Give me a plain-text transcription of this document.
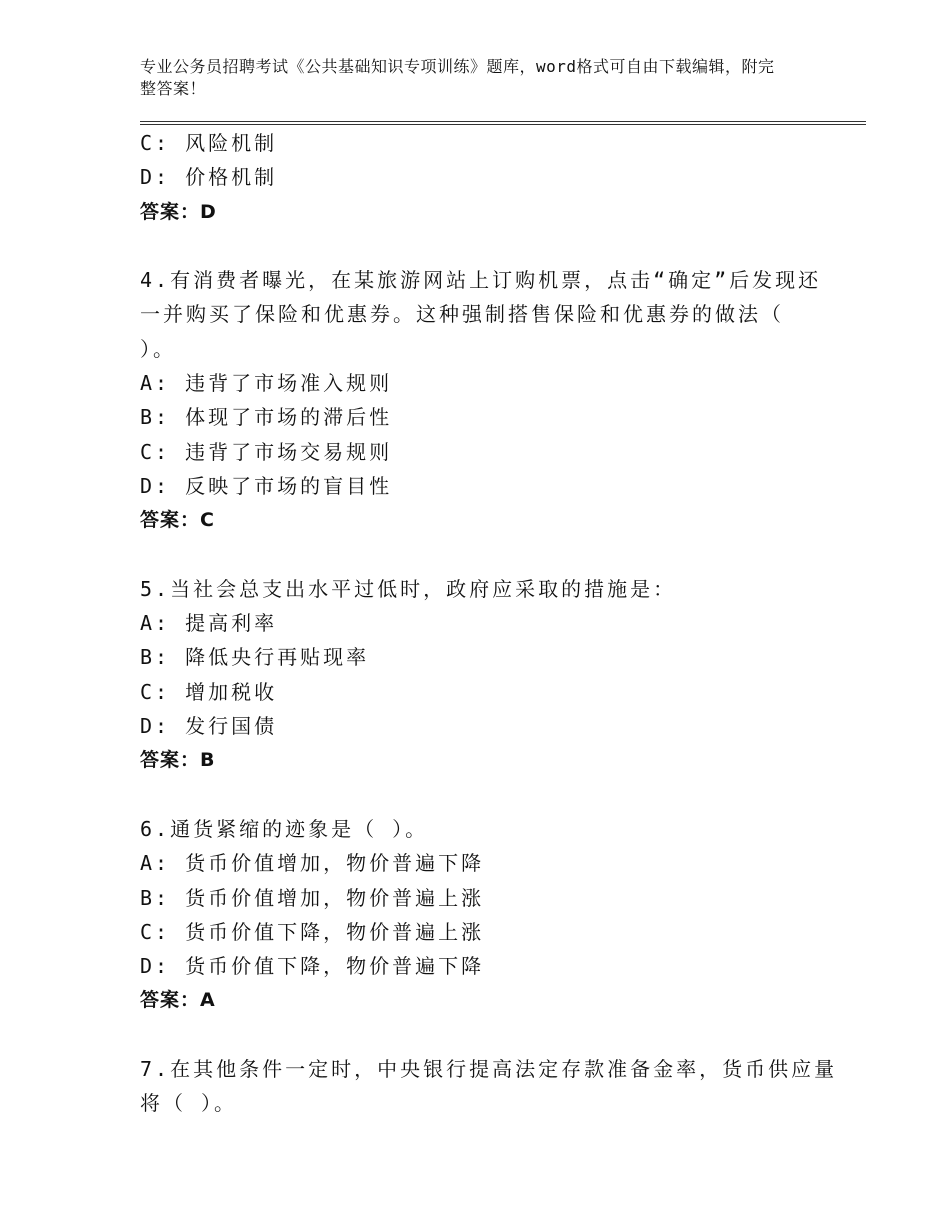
专业公务员招聘考试《公共基础知识专项训练》题库，word格式可自由下载编辑，附完整答案！
C: 风险机制
D: 价格机制
答案：D
4.有消费者曝光，在某旅游网站上订购机票，点击“确定”后发现还
一并购买了保险和优惠券。这种强制搭售保险和优惠券的做法（
）。
A: 违背了市场准入规则
B: 体现了市场的滞后性
C: 违背了市场交易规则
D: 反映了市场的盲目性
答案：C
5.当社会总支出水平过低时，政府应采取的措施是：
A: 提高利率
B: 降低央行再贴现率
C: 增加税收
D: 发行国债
答案：B
6.通货紧缩的迹象是（ ）。
A: 货币价值增加，物价普遍下降
B: 货币价值增加，物价普遍上涨
C: 货币价值下降，物价普遍上涨
D: 货币价值下降，物价普遍下降
答案：A
7.在其他条件一定时，中央银行提高法定存款准备金率，货币供应量
将（ ）。
